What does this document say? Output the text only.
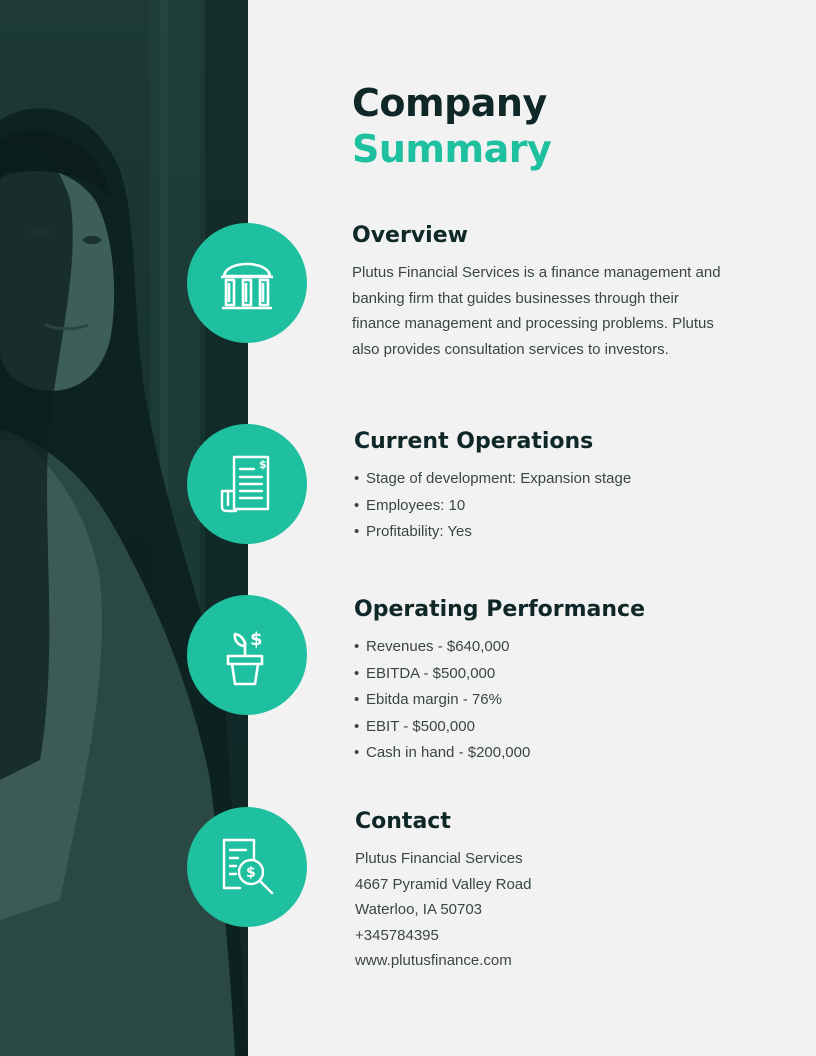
Company
Summary
$
$
$
Overview

Plutus Financial Services is a finance management and banking firm that guides businesses through their finance management and processing problems. Plutus also provides consultation services to investors.

Current Operations
• Stage of development: Expansion stage
• Employees: 10
• Profitability: Yes
Operating Performance
• Revenues - $640,000
• EBITDA - $500,000
• Ebitda margin - 76%
• EBIT - $500,000
• Cash in hand - $200,000
Contact
Plutus Financial Services
4667 Pyramid Valley Road
Waterloo, IA 50703
+345784395
www.plutusfinance.com
